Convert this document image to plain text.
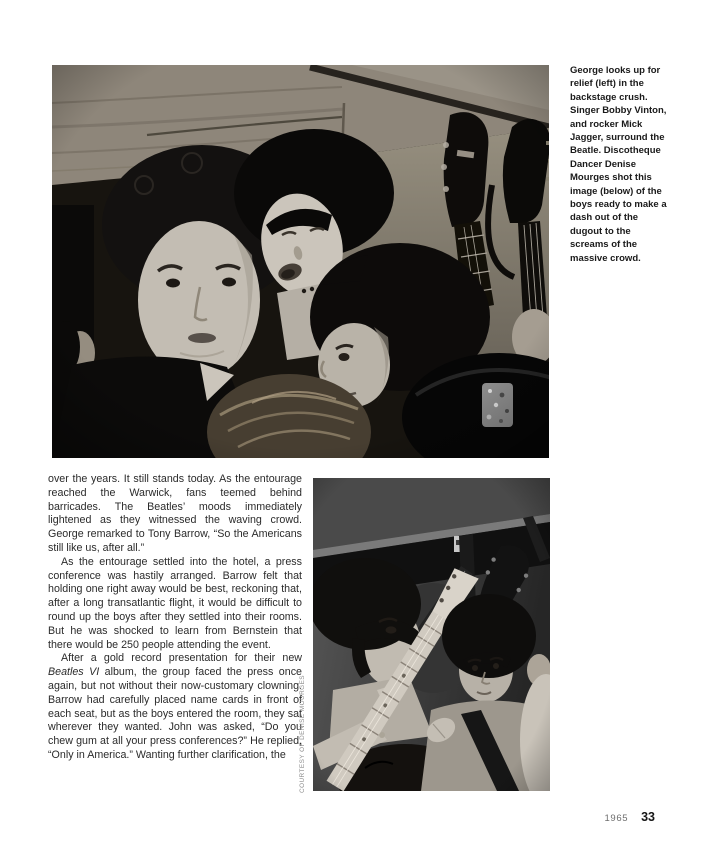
George looks up for relief (left) in the backstage crush. Singer Bobby Vinton, and rocker Mick Jagger, surround the Beatle. Discotheque Dancer Denise Mourges shot this image (below) of the boys ready to make a dash out of the dugout to the screams of the massive crowd.

over the years. It still stands today. As the entourage reached the Warwick, fans teemed behind barricades. The Beatles’ moods immediately lightened as they witnessed the waving crowd. George remarked to Tony Barrow, “So the Americans still like us, after all.”

As the entourage settled into the hotel, a press conference was hastily arranged. Barrow felt that holding one right away would be best, reckoning that, after a long transatlantic flight, it would be difficult to round up the boys after they settled into their rooms. But he was shocked to learn from Bernstein that there would be 250 people attending the event.

After a gold record presentation for their new Beatles VI album, the group faced the press once again, but not without their now-customary clowning. Barrow had carefully placed name cards in front of each seat, but as the boys entered the room, they sat wherever they wanted. John was asked, “Do you chew gum at all your press conferences?” He replied, “Only in America.” Wanting further clarification, the	COURTESY OF DENISE MOURGES
1965 33
